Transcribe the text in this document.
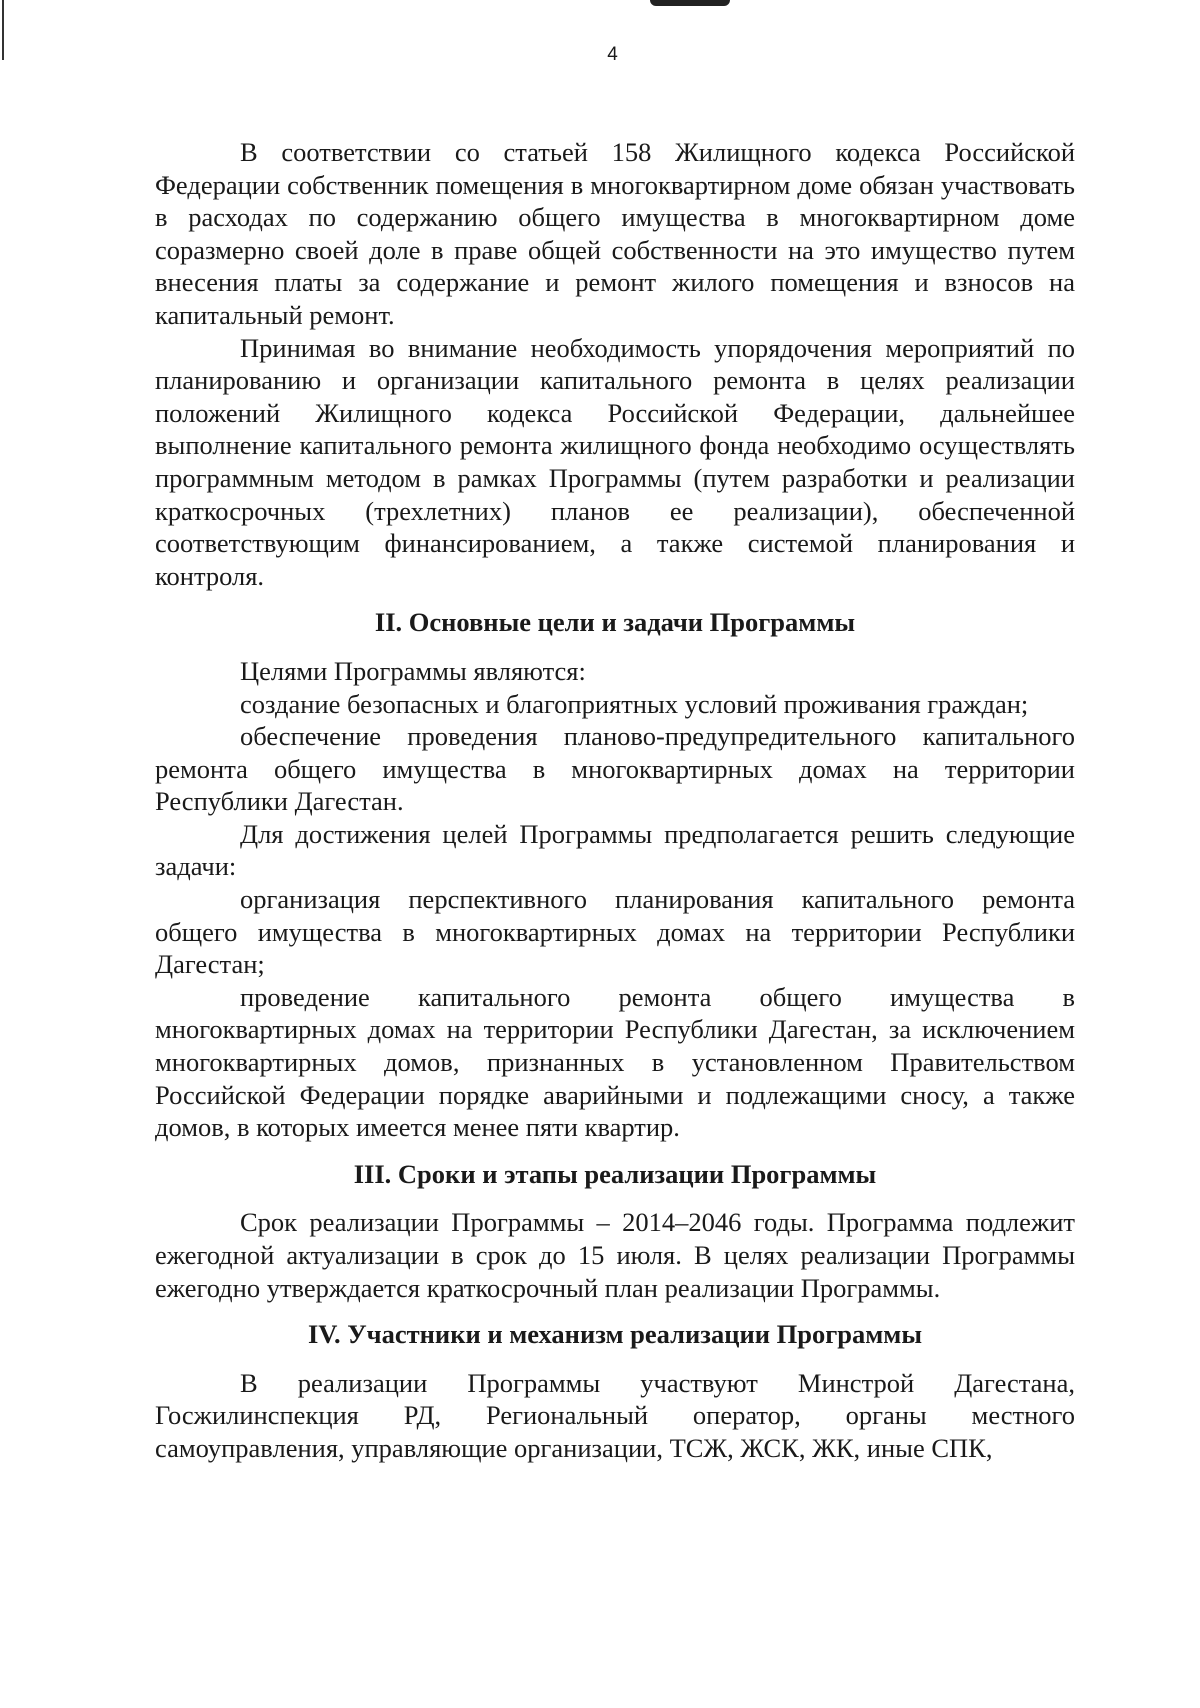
4

В соответствии со статьей 158 Жилищного кодекса Российской Федерации собственник помещения в многоквартирном доме обязан участвовать в расходах по содержанию общего имущества в многоквартирном доме соразмерно своей доле в праве общей собственности на это имущество путем внесения платы за содержание и ремонт жилого помещения и взносов на капитальный ремонт.

Принимая во внимание необходимость упорядочения мероприятий по планированию и организации капитального ремонта в целях реализации положений Жилищного кодекса Российской Федерации, дальнейшее выполнение капитального ремонта жилищного фонда необходимо осуществлять программным методом в рамках Программы (путем разработки и реализации краткосрочных (трехлетних) планов ее реализации), обеспеченной соответствующим финансированием, а также системой планирования и контроля.

II. Основные цели и задачи Программы

Целями Программы являются:

создание безопасных и благоприятных условий проживания граждан;

обеспечение проведения планово-предупредительного капитального ремонта общего имущества в многоквартирных домах на территории Республики Дагестан.

Для достижения целей Программы предполагается решить следующие задачи:

организация перспективного планирования капитального ремонта общего имущества в многоквартирных домах на территории Республики Дагестан;

проведение капитального ремонта общего имущества в многоквартирных домах на территории Республики Дагестан, за исключением многоквартирных домов, признанных в установленном Правительством Российской Федерации порядке аварийными и подлежащими сносу, а также домов, в которых имеется менее пяти квартир.

III. Сроки и этапы реализации Программы

Срок реализации Программы – 2014–2046 годы. Программа подлежит ежегодной актуализации в срок до 15 июля. В целях реализации Программы ежегодно утверждается краткосрочный план реализации Программы.

IV. Участники и механизм реализации Программы

В реализации Программы участвуют Минстрой Дагестана, Госжилинспекция РД, Региональный оператор, органы местного самоуправления, управляющие организации, ТСЖ, ЖСК, ЖК, иные СПК,
